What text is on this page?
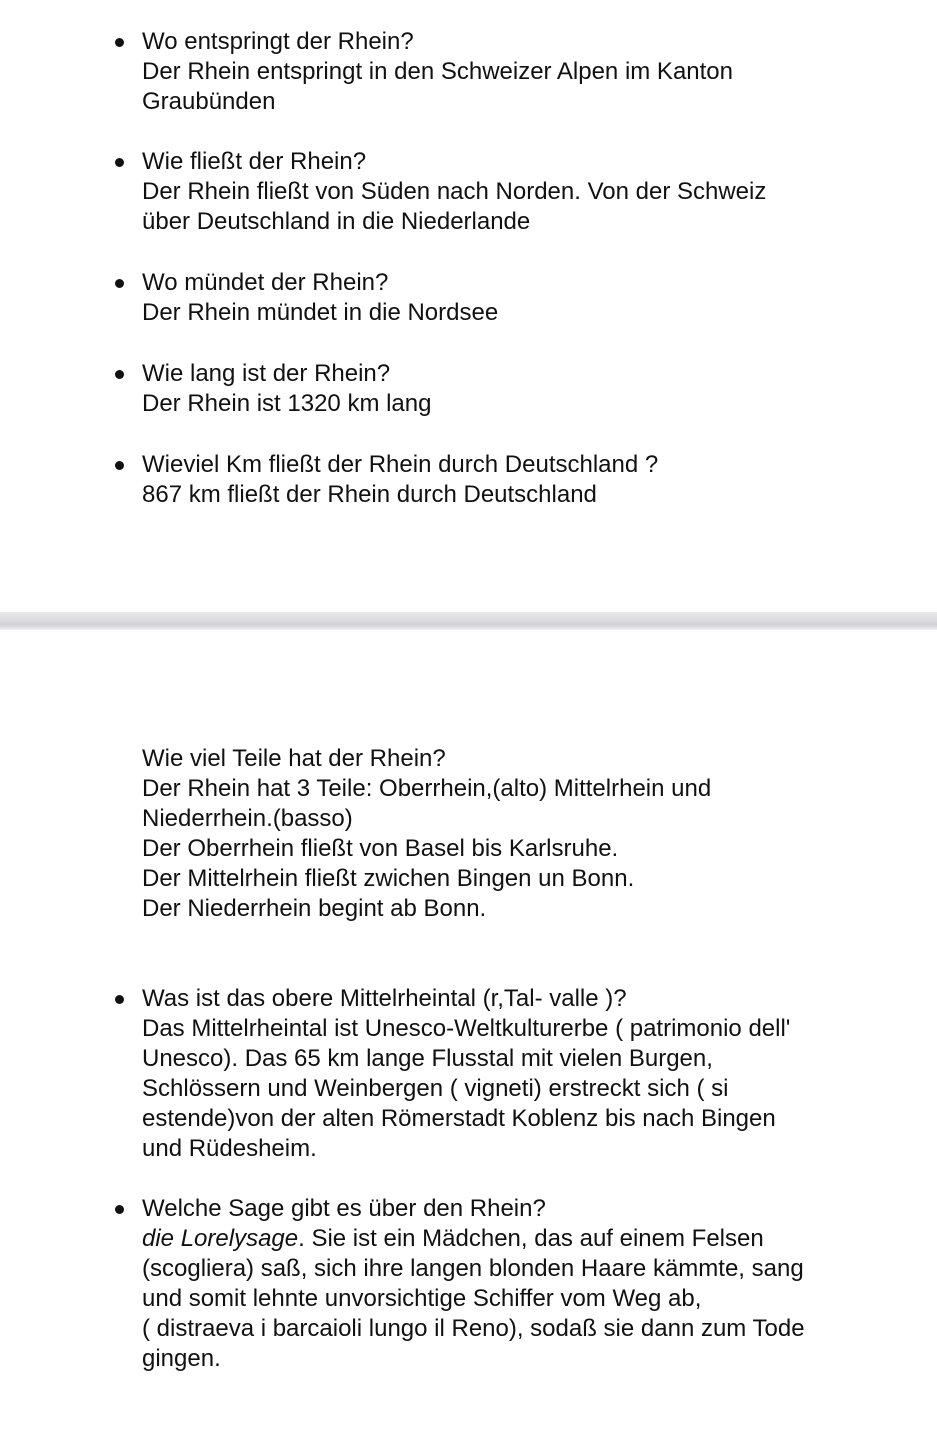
Wo entspringt der Rhein?

Der Rhein entspringt in den Schweizer Alpen im Kanton
Graubünden

Wie fließt der Rhein?

Der Rhein fließt von Süden nach Norden. Von der Schweiz
über Deutschland in die Niederlande

Wo mündet der Rhein?

Der Rhein mündet in die Nordsee

Wie lang ist der Rhein?

Der Rhein ist 1320 km lang

Wieviel Km fließt der Rhein durch Deutschland ?

867 km fließt der Rhein durch Deutschland

Wie viel Teile hat der Rhein?

Der Rhein hat 3 Teile: Oberrhein,(alto) Mittelrhein und
Niederrhein.(basso)
Der Oberrhein fließt von Basel bis Karlsruhe.
Der Mittelrhein fließt zwichen Bingen un Bonn.
Der Niederrhein begint ab Bonn.

Was ist das obere Mittelrheintal (r,Tal- valle )?

Das Mittelrheintal ist Unesco-Weltkulturerbe ( patrimonio dell'
Unesco). Das 65 km lange Flusstal mit vielen Burgen,
Schlössern und Weinbergen ( vigneti) erstreckt sich ( si
estende)von der alten Römerstadt Koblenz bis nach Bingen
und Rüdesheim.

Welche Sage gibt es über den Rhein?

die Lorelysage. Sie ist ein Mädchen, das auf einem Felsen
(scogliera) saß, sich ihre langen blonden Haare kämmte, sang
und somit lehnte unvorsichtige Schiffer vom Weg ab,
( distraeva i barcaioli lungo il Reno), sodaß sie dann zum Tode
gingen.
